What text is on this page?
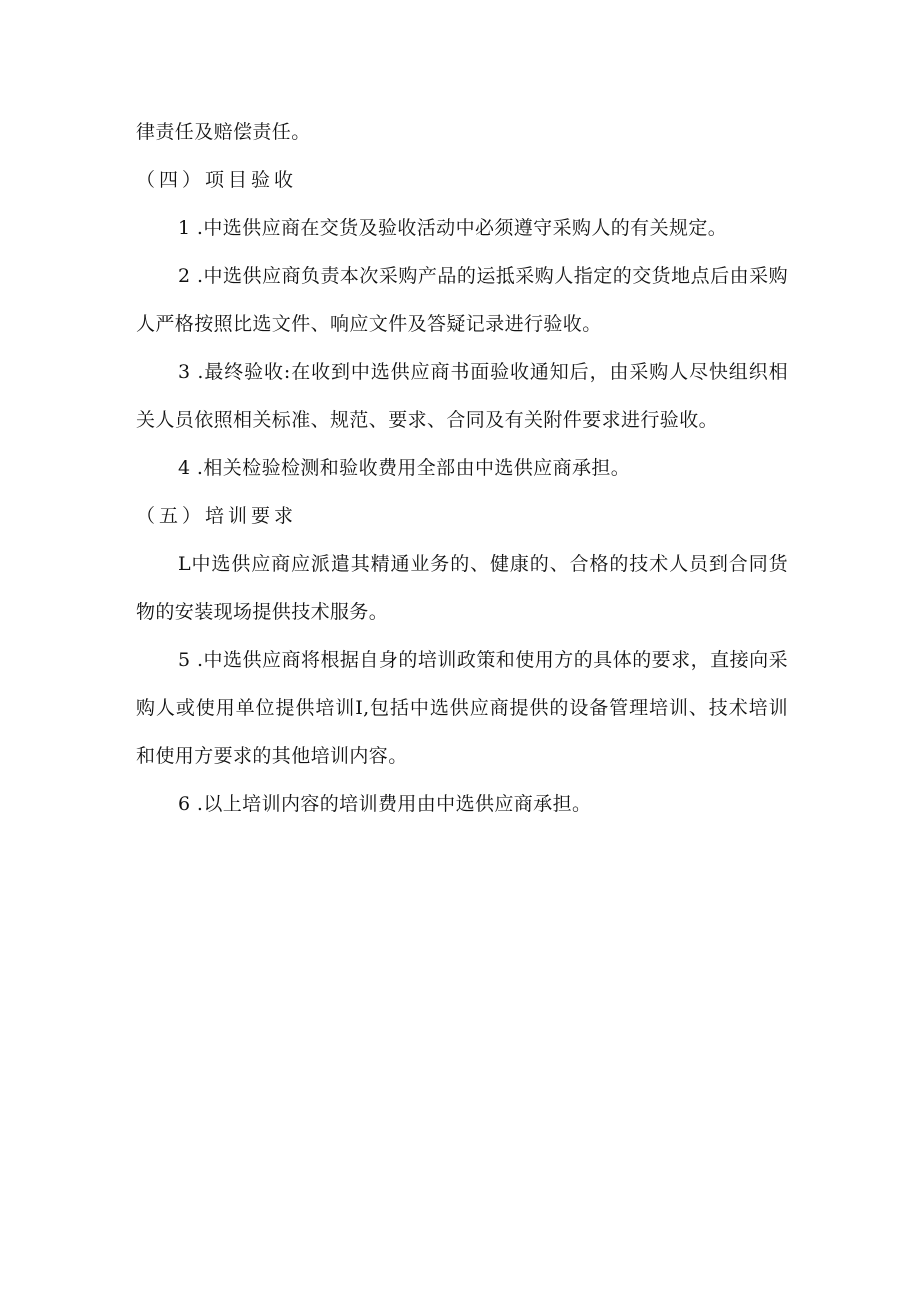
律责任及赔偿责任。

（四）项目验收

1 .中选供应商在交货及验收活动中必须遵守采购人的有关规定。

2 .中选供应商负责本次采购产品的运抵采购人指定的交货地点后由采购人严格按照比选文件、响应文件及答疑记录进行验收。

3 .最终验收:在收到中选供应商书面验收通知后，由采购人尽快组织相关人员依照相关标准、规范、要求、合同及有关附件要求进行验收。

4 .相关检验检测和验收费用全部由中选供应商承担。

（五）培训要求

L中选供应商应派遣其精通业务的、健康的、合格的技术人员到合同货物的安装现场提供技术服务。

5 .中选供应商将根据自身的培训政策和使用方的具体的要求，直接向采购人或使用单位提供培训I,包括中选供应商提供的设备管理培训、技术培训和使用方要求的其他培训内容。

6 .以上培训内容的培训费用由中选供应商承担。
